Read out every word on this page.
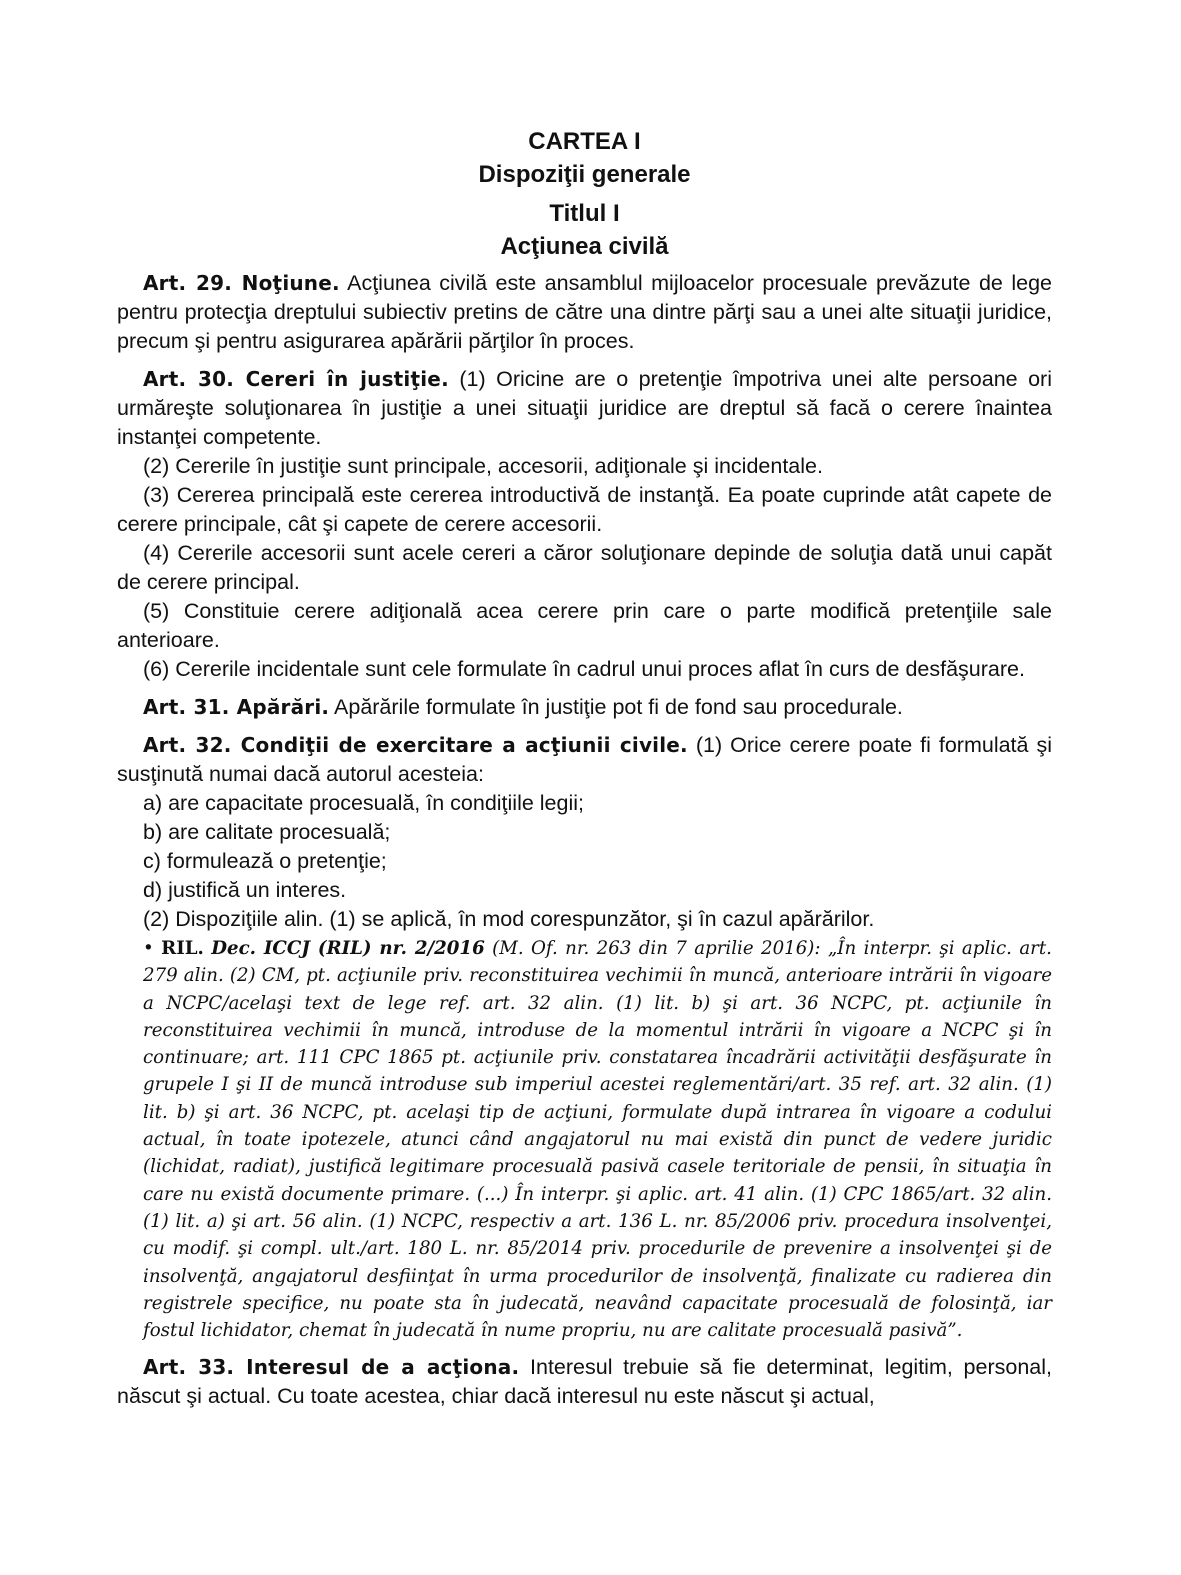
CARTEA I
Dispoziţii generale
Titlul I
Acţiunea civilă
Art. 29. Noţiune. Acţiunea civilă este ansamblul mijloacelor procesuale prevăzute de lege pentru protecţia dreptului subiectiv pretins de către una dintre părţi sau a unei alte situaţii juridice, precum şi pentru asigurarea apărării părţilor în proces.
Art. 30. Cereri în justiţie. (1) Oricine are o pretenţie împotriva unei alte persoane ori urmăreşte soluţionarea în justiţie a unei situaţii juridice are dreptul să facă o cerere înaintea instanţei competente.
(2) Cererile în justiţie sunt principale, accesorii, adiţionale şi incidentale.
(3) Cererea principală este cererea introductivă de instanţă. Ea poate cuprinde atât capete de cerere principale, cât şi capete de cerere accesorii.
(4) Cererile accesorii sunt acele cereri a căror soluţionare depinde de soluţia dată unui capăt de cerere principal.
(5) Constituie cerere adiţională acea cerere prin care o parte modifică pretenţiile sale anterioare.
(6) Cererile incidentale sunt cele formulate în cadrul unui proces aflat în curs de desfăşurare.
Art. 31. Apărări. Apărările formulate în justiţie pot fi de fond sau procedurale.
Art. 32. Condiţii de exercitare a acţiunii civile. (1) Orice cerere poate fi formulată şi susţinută numai dacă autorul acesteia:
a) are capacitate procesuală, în condiţiile legii;
b) are calitate procesuală;
c) formulează o pretenţie;
d) justifică un interes.
(2) Dispoziţiile alin. (1) se aplică, în mod corespunzător, şi în cazul apărărilor.
• RIL. Dec. ICCJ (RIL) nr. 2/2016 (M. Of. nr. 263 din 7 aprilie 2016): „În interpr. şi aplic. art. 279 alin. (2) CM, pt. acţiunile priv. reconstituirea vechimii în muncă, anterioare intrării în vigoare a NCPC/acelaşi text de lege ref. art. 32 alin. (1) lit. b) şi art. 36 NCPC, pt. acţiunile în reconstituirea vechimii în muncă, introduse de la momentul intrării în vigoare a NCPC şi în continuare; art. 111 CPC 1865 pt. acţiunile priv. constatarea încadrării activităţii desfăşurate în grupele I şi II de muncă introduse sub imperiul acestei reglementări/art. 35 ref. art. 32 alin. (1) lit. b) şi art. 36 NCPC, pt. acelaşi tip de acţiuni, formulate după intrarea în vigoare a codului actual, în toate ipotezele, atunci când angajatorul nu mai există din punct de vedere juridic (lichidat, radiat), justifică legitimare procesuală pasivă casele teritoriale de pensii, în situaţia în care nu există documente primare. (...) În interpr. şi aplic. art. 41 alin. (1) CPC 1865/art. 32 alin. (1) lit. a) şi art. 56 alin. (1) NCPC, respectiv a art. 136 L. nr. 85/2006 priv. procedura insolvenţei, cu modif. şi compl. ult./art. 180 L. nr. 85/2014 priv. procedurile de prevenire a insolvenţei şi de insolvenţă, angajatorul desfiinţat în urma procedurilor de insolvenţă, finalizate cu radierea din registrele specifice, nu poate sta în judecată, neavând capacitate procesuală de folosinţă, iar fostul lichidator, chemat în judecată în nume propriu, nu are calitate procesuală pasivă”.
Art. 33. Interesul de a acţiona. Interesul trebuie să fie determinat, legitim, personal, născut şi actual. Cu toate acestea, chiar dacă interesul nu este născut şi actual,
